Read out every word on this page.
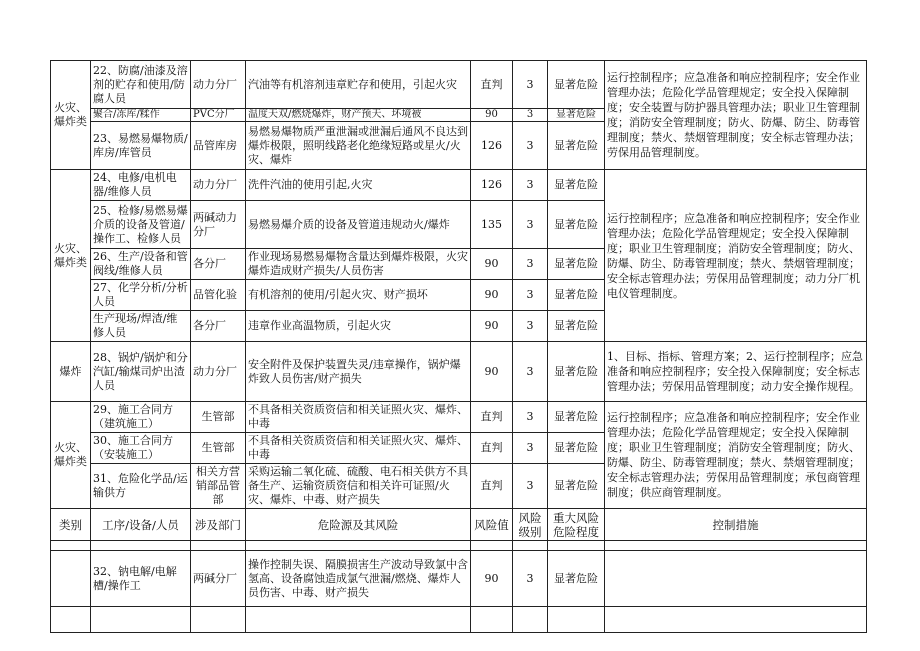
火灾、爆炸类	22、防腐/油漆及溶剂的贮存和使用/防腐人员	动力分厂	汽油等有机溶剂违章贮存和使用，引起火灾	直判	3	显著危险	运行控制程序；应急准备和响应控制程序；安全作业管理办法；危险化学品管理规定；安全投入保障制度；安全装置与防护器具管理办法；职业卫生管理制度；消防安全管理制度；防火、防爆、防尘、防毒管理制度；禁火、禁烟管理制度；安全标志管理办法；劳保用品管理制度。
	聚合/冻库/糅作	PVC分厂	温度天双/燃烧爆炸，财产预天、坏境被	90	3	显著危险	
	23、易燃易爆物质/库房/库管员	品管库房	易燃易爆物质严重泄漏或泄漏后通风不良达到爆炸极限，照明线路老化绝缘短路或星火/火灾、爆炸	126	3	显著危险	
火灾、爆炸类	24、电修/电机电器/维修人员	动力分厂	洗件汽油的使用引起,火灾	126	3	显著危险	运行控制程序；应急准备和响应控制程序；安全作业管理办法；危险化学品管理规定；安全投入保障制度；职业卫生管理制度；消防安全管理制度；防火、防爆、防尘、防毒管理制度；禁火、禁烟管理制度；安全标志管理办法；劳保用品管理制度；动力分厂机电仪管理制度。
	25、检修/易燃易爆介质的设备及管道/操作工、检修人员	两碱动力分厂	易燃易爆介质的设备及管道违规动火/爆炸	135	3	显著危险	
	26、生产/设备和管阀线/维修人员	各分厂	作业现场易燃易爆物含量达到爆炸极限，火灾爆炸造成财产损失/人员伤害	90	3	显著危险	
	27、化学分析/分析人员	品管化验	有机溶剂的使用/引起火灾、财产损坏	90	3	显著危险	
	生产现场/焊渣/维修人员	各分厂	违章作业高温物质，引起火灾	90	3	显著危险	
爆炸	28、锅炉/锅炉和分汽缸/输煤司炉出渣人员	动力分厂	安全附件及保护装置失灵/违章操作，锅炉爆炸致人员伤害/财产损失	90	3	显著危险	1、目标、指标、管理方案；2、运行控制程序；应急准备和响应控制程序；安全投入保障制度；安全标志管理办法；劳保用品管理制度；动力安全操作规程。
火灾、爆炸类	29、施工合同方（建筑施工）	生管部	不具备相关资质资信和相关证照火灾、爆炸、中毒	直判	3	显著危险	运行控制程序；应急准备和响应控制程序；安全作业管理办法；危险化学品管理规定；安全投入保障制度；职业卫生管理制度；消防安全管理制度；防火、防爆、防尘、防毒管理制度；禁火、禁烟管理制度；安全标志管理办法；劳保用品管理制度；承包商管理制度；供应商管理制度。
	30、施工合同方（安装施工）	生管部	不具备相关资质资信和相关证照火灾、爆炸、中毒	直判	3	显著危险	
	31、危险化学品/运输供方	相关方营销部品管部	采购运输二氧化硫、硫酸、电石相关供方不具备生产、运输资质资信和相关许可证照/火灾、爆炸、中毒、财产损失	直判	3	显著危险	
类别	工序/设备/人员	涉及部门	危险源及其风险	风险值	风险级别	重大风险危险程度	控制措施

	32、钠电解/电解槽/操作工	两碱分厂	操作控制失误、隔膜损害生产波动导致氯中含氢高、设备腐蚀造成氯气泄漏/燃烧、爆炸人员伤害、中毒、财产损失	90	3	显著危险	
